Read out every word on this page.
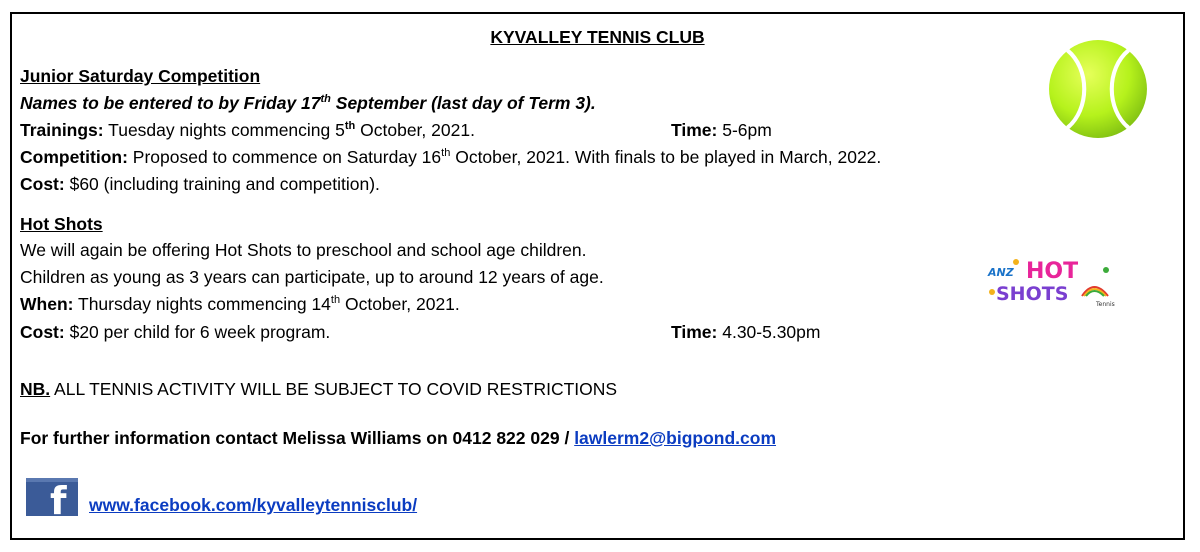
KYVALLEY TENNIS CLUB
Junior Saturday Competition
Names to be entered to by Friday 17th September (last day of Term 3).
Trainings: Tuesday nights commencing 5th October, 2021.	Time: 5-6pm
Competition: Proposed to commence on Saturday 16th October, 2021. With finals to be played in March, 2022.
Cost: $60 (including training and competition).
Hot Shots
We will again be offering Hot Shots to preschool and school age children.
Children as young as 3 years can participate, up to around 12 years of age.
When: Thursday nights commencing 14th October, 2021.
Cost: $20 per child for 6 week program.	Time: 4.30-5.30pm
ANZ HOT
SHOTS	Tennis
NB. ALL TENNIS ACTIVITY WILL BE SUBJECT TO COVID RESTRICTIONS
For further information contact Melissa Williams on 0412 822 029 / lawlerm2@bigpond.com
f www.facebook.com/kyvalleytennisclub/
